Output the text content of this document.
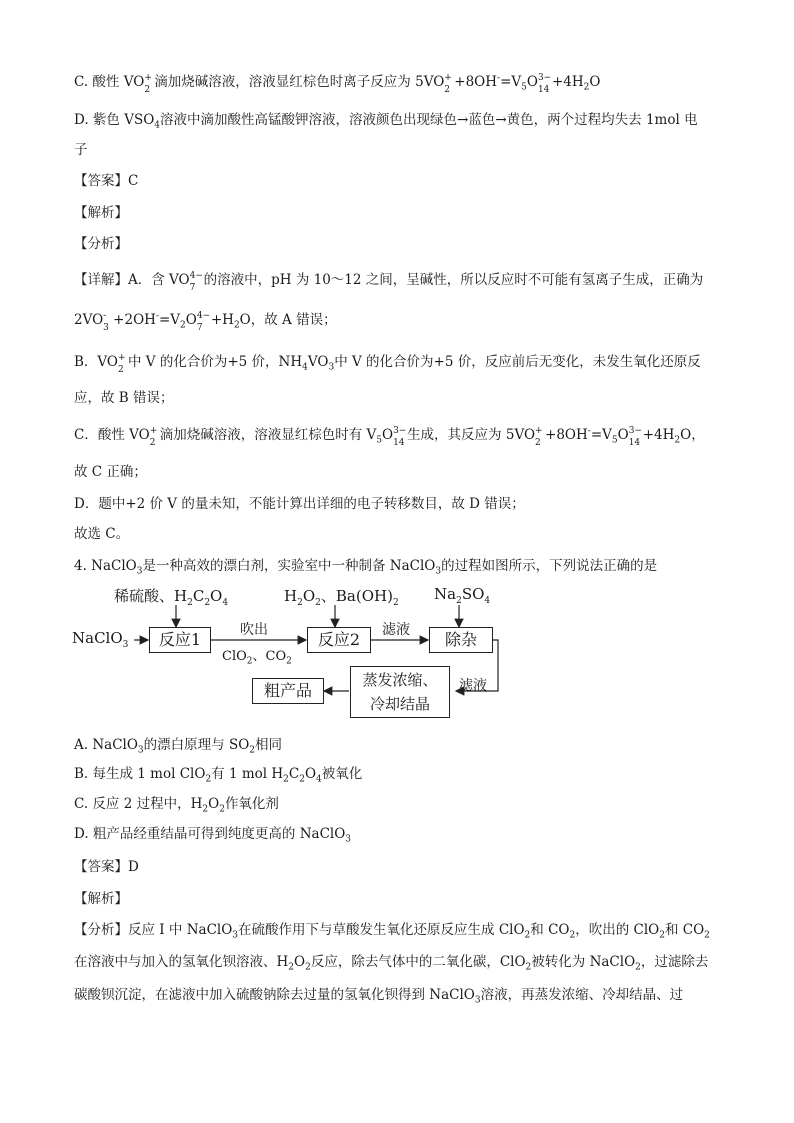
C. 酸性 VO +
2 滴加烧碱溶液，溶液显红棕色时离子反应为 5VO +
$2 +8OH^-=V_5O$ 3−
$14 +4H_2O$
D. 紫色 $VSO_4$溶液中滴加酸性高锰酸钾溶液，溶液颜色出现绿色→蓝色→黄色，两个过程均失去 1mol 电
子
【答案】C
【解析】
【分析】
【详解】A．含 VO 4−
7 的溶液中，pH 为 10～12 之间，呈碱性，所以反应时不可能有氢离子生成，正确为
2VO -
$3 +2OH^-=V_2O$ 4−
$7 +H_2O$，故 A 错误；
B．VO +
2 中 V 的化合价为+5 价，$NH_4VO_3$中 V 的化合价为+5 价，反应前后无变化，未发生氧化还原反
应，故 B 错误；
C．酸性 VO +
2 滴加烧碱溶液，溶液显红棕色时有 $V_5O$ 3−
14 生成，其反应为 5VO +
$2 +8OH^-=V_5O$ 3−
$14 +4H_2O$，
故 C 正确；
D．题中+2 价 V 的量未知，不能计算出详细的电子转移数目，故 D 错误；
故选 C。
4. NaClO$_3$是一种高效的漂白剂，实验室中一种制备 NaClO$_3$的过程如图所示，下列说法正确的是
稀硫酸、$H_2C_2O_4$	$H_2O_2$、$Ba(OH)_2$ $Na_2SO_4$
NaClO$_3$	反应1	吹出
ClO$_2$、$CO_2$
反应2	滤液	除杂
滤液
蒸发浓缩、
冷却结晶
粗产品
A. NaClO$_3$的漂白原理与 $SO_2$相同
B. 每生成 1 mol ClO$_2$有 1 mol $H_2C_2O_4$被氧化
C. 反应 2 过程中，$H_2O_2$作氧化剂
D. 粗产品经重结晶可得到纯度更高的 NaClO$_3$
【答案】D
【解析】
【分析】反应 I 中 NaClO$_3$在硫酸作用下与草酸发生氧化还原反应生成 ClO$_2$和 $CO_2$，吹出的 ClO$_2$和 $CO_2$
在溶液中与加入的氢氧化钡溶液、$H_2O_2$反应，除去气体中的二氧化碳，ClO$_2$被转化为 NaClO$_2$，过滤除去
碳酸钡沉淀，在滤液中加入硫酸钠除去过量的氢氧化钡得到 NaClO$_3$溶液，再蒸发浓缩、冷却结晶、过
